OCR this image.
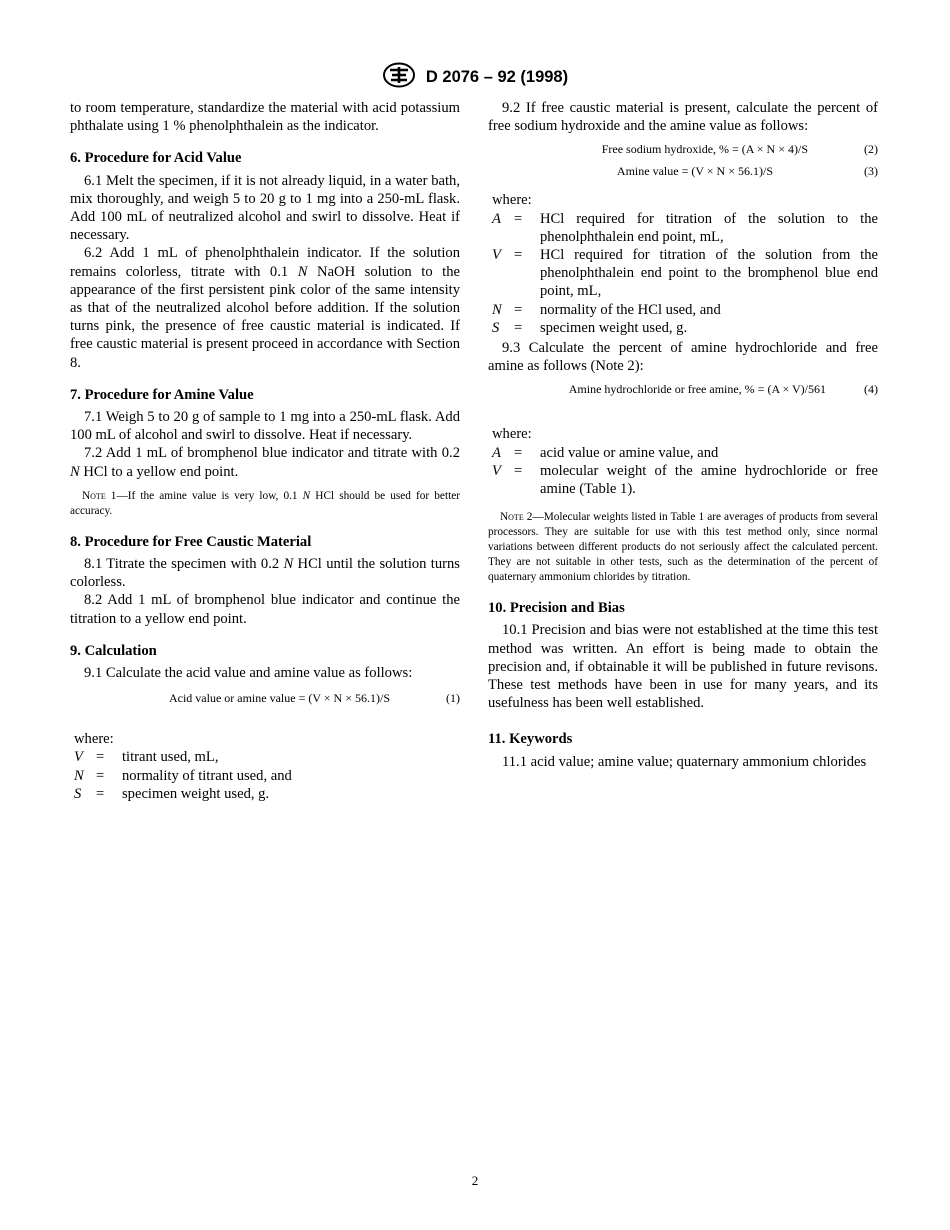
D 2076 – 92 (1998)

to room temperature, standardize the material with acid potassium phthalate using 1 % phenolphthalein as the indicator.

6. Procedure for Acid Value

6.1 Melt the specimen, if it is not already liquid, in a water bath, mix thoroughly, and weigh 5 to 20 g to 1 mg into a 250-mL flask. Add 100 mL of neutralized alcohol and swirl to dissolve. Heat if necessary.

6.2 Add 1 mL of phenolphthalein indicator. If the solution remains colorless, titrate with 0.1 N NaOH solution to the appearance of the first persistent pink color of the same intensity as that of the neutralized alcohol before addition. If the solution turns pink, the presence of free caustic material is indicated. If free caustic material is present proceed in accordance with Section 8.

7. Procedure for Amine Value

7.1 Weigh 5 to 20 g of sample to 1 mg into a 250-mL flask. Add 100 mL of alcohol and swirl to dissolve. Heat if necessary.

7.2 Add 1 mL of bromphenol blue indicator and titrate with 0.2 N HCl to a yellow end point.

Note 1—If the amine value is very low, 0.1 N HCl should be used for better accuracy.
8. Procedure for Free Caustic Material

8.1 Titrate the specimen with 0.2 N HCl until the solution turns colorless.

8.2 Add 1 mL of bromphenol blue indicator and continue the titration to a yellow end point.

9. Calculation

9.1 Calculate the acid value and amine value as follows:

Acid value or amine value = (V × N × 56.1)/S	(1)
where:
V	=	titrant used, mL,
N	=	normality of titrant used, and
S	=	specimen weight used, g.

9.2 If free caustic material is present, calculate the percent of free sodium hydroxide and the amine value as follows:

Free sodium hydroxide, % = (A × N × 4)/S	(2)
Amine value = (V × N × 56.1)/S	(3)
where:
A	=	HCl required for titration of the solution to the phenolphthalein end point, mL,
V	=	HCl required for titration of the solution from the phenolphthalein end point to the bromphenol blue end point, mL,
N	=	normality of the HCl used, and
S	=	specimen weight used, g.

9.3 Calculate the percent of amine hydrochloride and free amine as follows (Note 2):

Amine hydrochloride or free amine, % = (A × V)/561	(4)
where:
A	=	acid value or amine value, and
V	=	molecular weight of the amine hydrochloride or free amine (Table 1).
Note 2—Molecular weights listed in Table 1 are averages of products from several processors. They are suitable for use with this test method only, since normal variations between different products do not seriously affect the calculated percent. They are not suitable in other tests, such as the determination of the percent of quaternary ammonium chlorides by titration.
10. Precision and Bias

10.1 Precision and bias were not established at the time this test method was written. An effort is being made to obtain the precision and, if obtainable it will be published in future revisons. These test methods have been in use for many years, and its usefulness has been well established.

11. Keywords

11.1 acid value; amine value; quaternary ammonium chlorides

2
